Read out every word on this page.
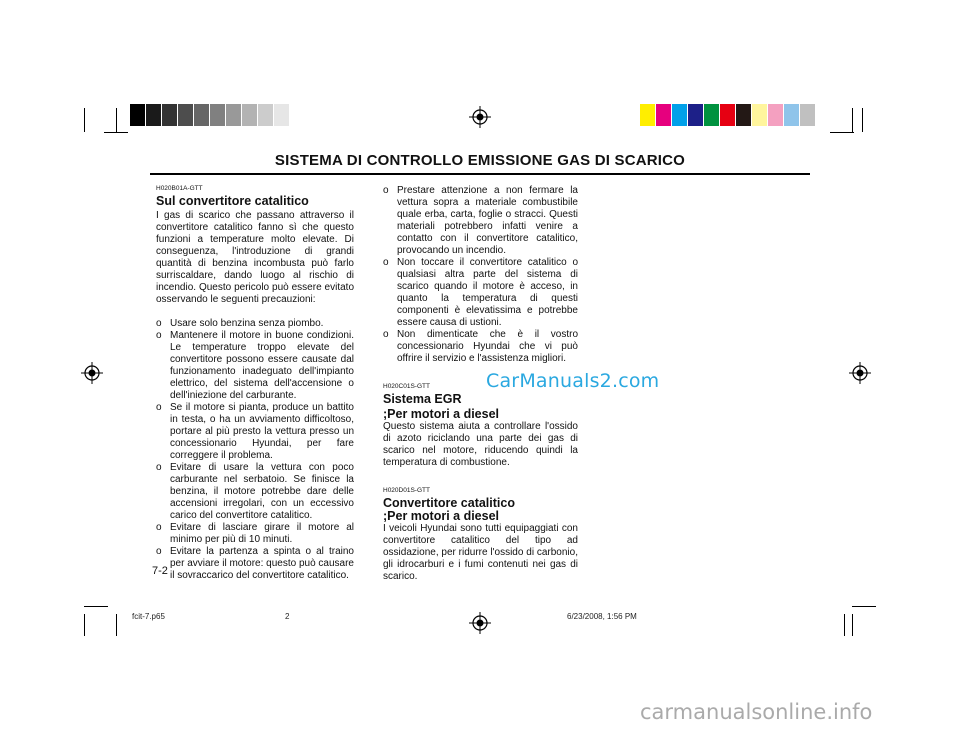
SISTEMA DI CONTROLLO EMISSIONE GAS DI SCARICO
H020B01A-GTT
Sul convertitore catalitico

I gas di scarico che passano attraverso il convertitore catalitico fanno sì che questo funzioni a temperature molto elevate. Di conseguenza, l'introduzione di grandi quantità di benzina incombusta può farlo surriscaldare, dando luogo al rischio di incendio. Questo pericolo può essere evitato osservando le seguenti precauzioni:

o Usare solo benzina senza piombo.
o Mantenere il motore in buone condizioni. Le temperature troppo elevate del convertitore possono essere causate dal funzionamento inadeguato dell'impianto elettrico, del sistema dell'accensione o dell'iniezione del carburante.
o Se il motore si pianta, produce un battito in testa, o ha un avviamento difficoltoso, portare al più presto la vettura presso un concessionario Hyundai, per fare correggere il problema.
o Evitare di usare la vettura con poco carburante nel serbatoio. Se finisce la benzina, il motore potrebbe dare delle accensioni irregolari, con un eccessivo carico del convertitore catalitico.
o Evitare di lasciare girare il motore al minimo per più di 10 minuti.
o Evitare la partenza a spinta o al traino per avviare il motore: questo può causare il sovraccarico del convertitore catalitico.
o Prestare attenzione a non fermare la vettura sopra a materiale combustibile quale erba, carta, foglie o stracci. Questi materiali potrebbero infatti venire a contatto con il convertitore catalitico, provocando un incendio.
o Non toccare il convertitore catalitico o qualsiasi altra parte del sistema di scarico quando il motore è acceso, in quanto la temperatura di questi componenti è elevatissima e potrebbe essere causa di ustioni.
o Non dimenticate che è il vostro concessionario Hyundai che vi può offrire il servizio e l'assistenza migliori.
H020C01S-GTT
Sistema EGR
;Per motori a diesel

Questo sistema aiuta a controllare l'ossido di azoto riciclando una parte dei gas di scarico nel motore, riducendo quindi la temperatura di combustione.

H020D01S-GTT
Convertitore catalitico
;Per motori a diesel

I veicoli Hyundai sono tutti equipaggiati con convertitore catalitico del tipo ad ossidazione, per ridurre l'ossido di carbonio, gli idrocarburi e i fumi contenuti nei gas di scarico.

7-2
fcit-7.p65	2	6/23/2008, 1:56 PM
CarManuals2.com
carmanualsonline.info
